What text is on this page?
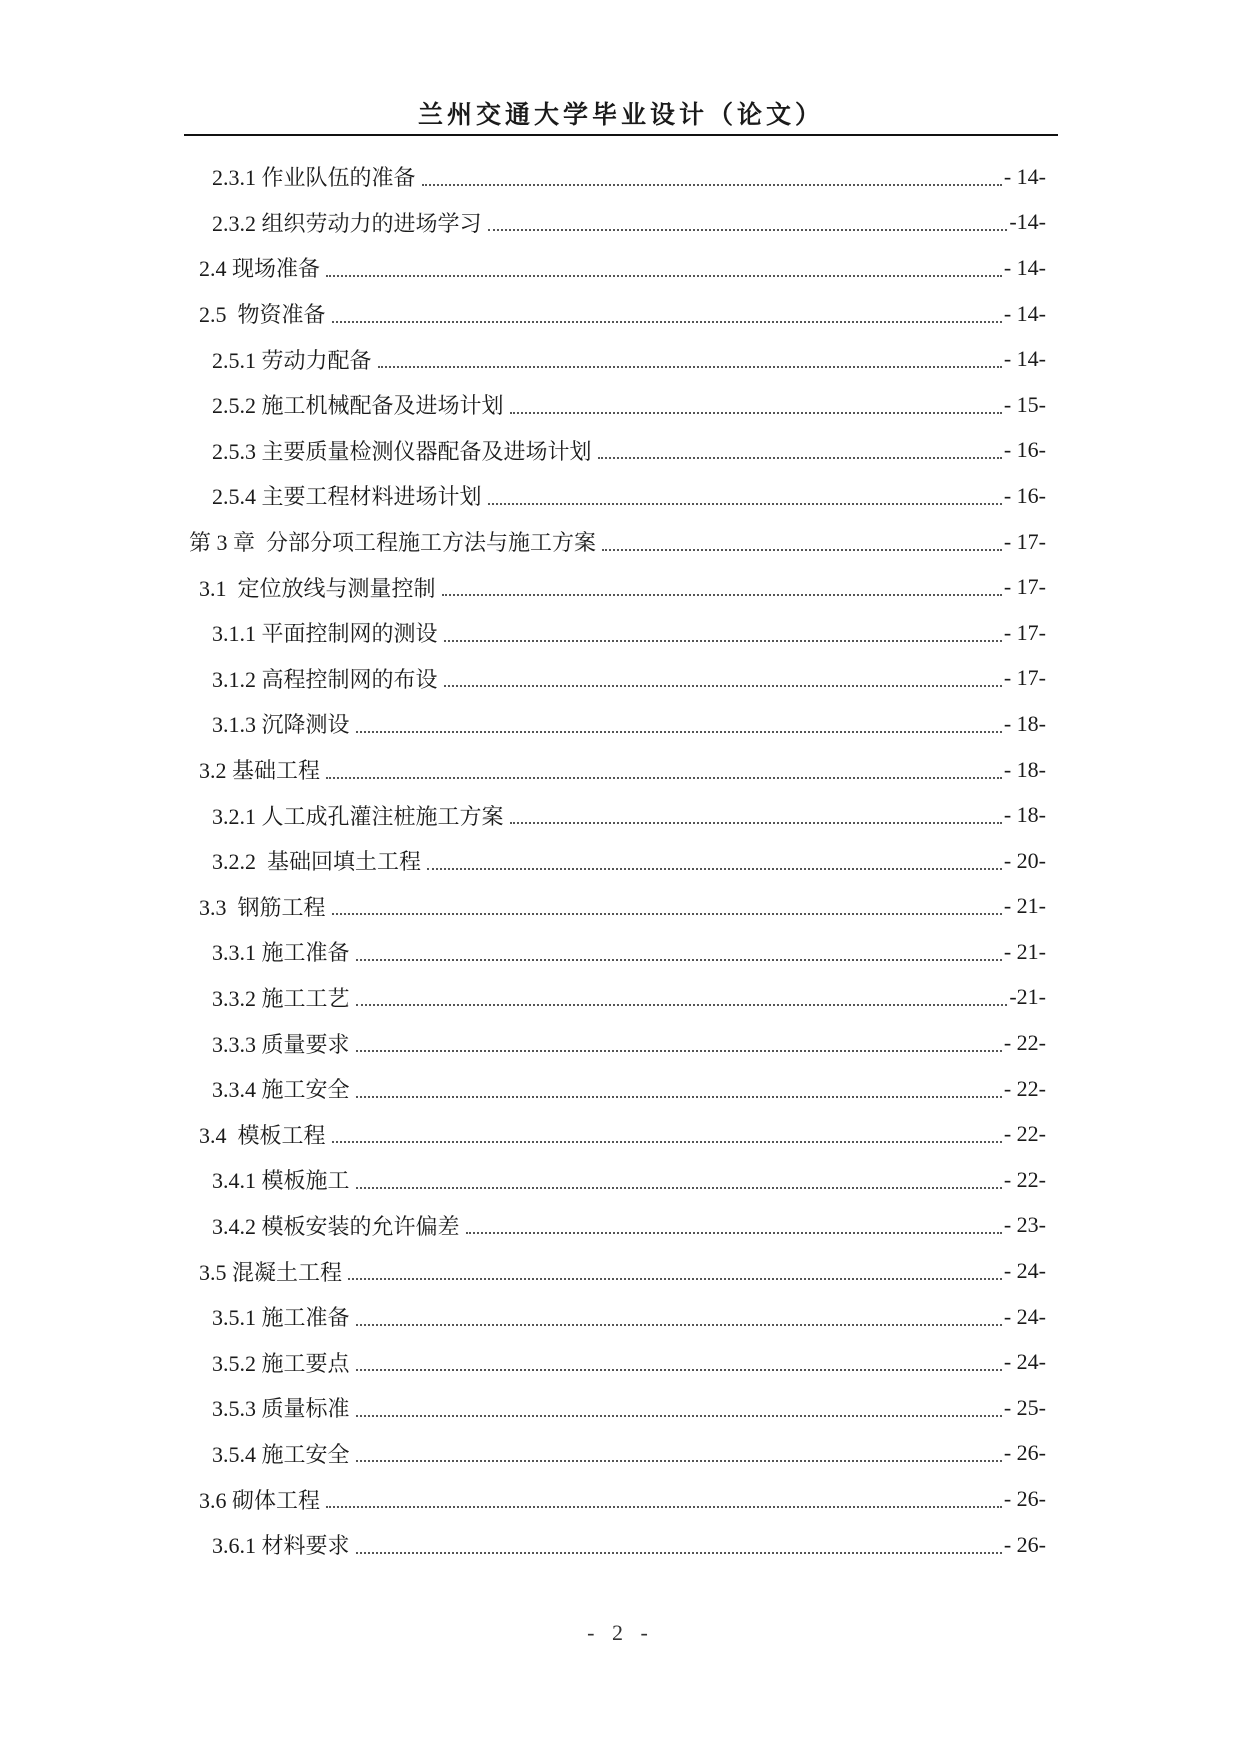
兰州交通大学毕业设计（论文）
2.3.1 作业队伍的准备	- 14-
2.3.2 组织劳动力的进场学习	-14-
2.4 现场准备	- 14-
2.5  物资准备	- 14-
2.5.1 劳动力配备	- 14-
2.5.2 施工机械配备及进场计划	- 15-
2.5.3 主要质量检测仪器配备及进场计划	- 16-
2.5.4 主要工程材料进场计划	- 16-
第 3 章  分部分项工程施工方法与施工方案	- 17-
3.1  定位放线与测量控制	- 17-
3.1.1 平面控制网的测设	- 17-
3.1.2 高程控制网的布设	- 17-
3.1.3 沉降测设	- 18-
3.2 基础工程	- 18-
3.2.1 人工成孔灌注桩施工方案	- 18-
3.2.2  基础回填土工程	- 20-
3.3  钢筋工程	- 21-
3.3.1 施工准备	- 21-
3.3.2 施工工艺	-21-
3.3.3 质量要求	- 22-
3.3.4 施工安全	- 22-
3.4  模板工程	- 22-
3.4.1 模板施工	- 22-
3.4.2 模板安装的允许偏差	- 23-
3.5 混凝土工程	- 24-
3.5.1 施工准备	- 24-
3.5.2 施工要点	- 24-
3.5.3 质量标准	- 25-
3.5.4 施工安全	- 26-
3.6 砌体工程	- 26-
3.6.1 材料要求	- 26-
- 2 -
